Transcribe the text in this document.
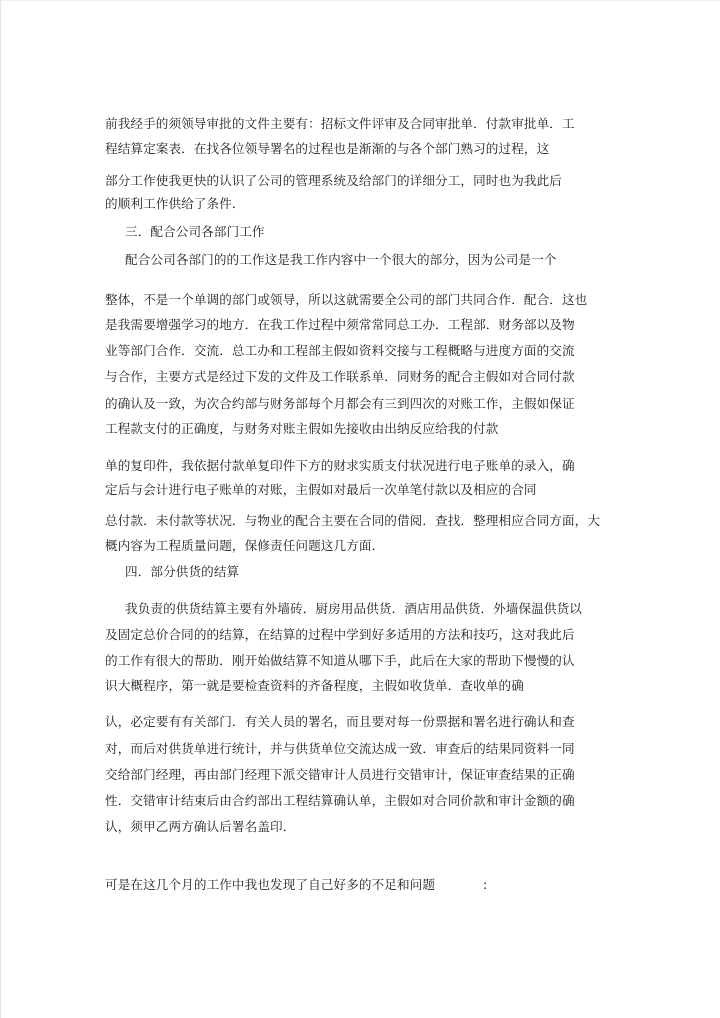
前我经手的须领导审批的文件主要有：招标文件评审及合同审批单．付款审批单．工
程结算定案表．在找各位领导署名的过程也是渐渐的与各个部门熟习的过程，这
部分工作使我更快的认识了公司的管理系统及给部门的详细分工，同时也为我此后
的顺利工作供给了条件．
三．配合公司各部门工作
配合公司各部门的的工作这是我工作内容中一个很大的部分，因为公司是一个
整体，不是一个单调的部门或领导，所以这就需要全公司的部门共同合作．配合．这也
是我需要增强学习的地方．在我工作过程中须常常同总工办．工程部．财务部以及物
业等部门合作．交流．总工办和工程部主假如资料交接与工程概略与进度方面的交流
与合作，主要方式是经过下发的文件及工作联系单．同财务的配合主假如对合同付款
的确认及一致，为次合约部与财务部每个月都会有三到四次的对账工作，主假如保证
工程款支付的正确度，与财务对账主假如先接收由出纳反应给我的付款
单的复印件，我依据付款单复印件下方的财求实质支付状况进行电子账单的录入，确
定后与会计进行电子账单的对账，主假如对最后一次单笔付款以及相应的合同
总付款．未付款等状况．与物业的配合主要在合同的借阅．查找．整理相应合同方面，大
概内容为工程质量问题，保修责任问题这几方面．
四．部分供货的结算
我负责的供货结算主要有外墙砖．厨房用品供货．酒店用品供货．外墙保温供货以
及固定总价合同的的结算，在结算的过程中学到好多适用的方法和技巧，这对我此后
的工作有很大的帮助．刚开始做结算不知道从哪下手，此后在大家的帮助下慢慢的认
识大概程序，第一就是要检查资料的齐备程度，主假如收货单．查收单的确
认，必定要有有关部门．有关人员的署名，而且要对每一份票据和署名进行确认和查
对，而后对供货单进行统计，并与供货单位交流达成一致．审查后的结果同资料一同
交给部门经理，再由部门经理下派交错审计人员进行交错审计，保证审查结果的正确
性．交错审计结束后由合约部出工程结算确认单，主假如对合同价款和审计金额的确
认，须甲乙两方确认后署名盖印．
可是在这几个月的工作中我也发现了自己好多的不足和问题	:
